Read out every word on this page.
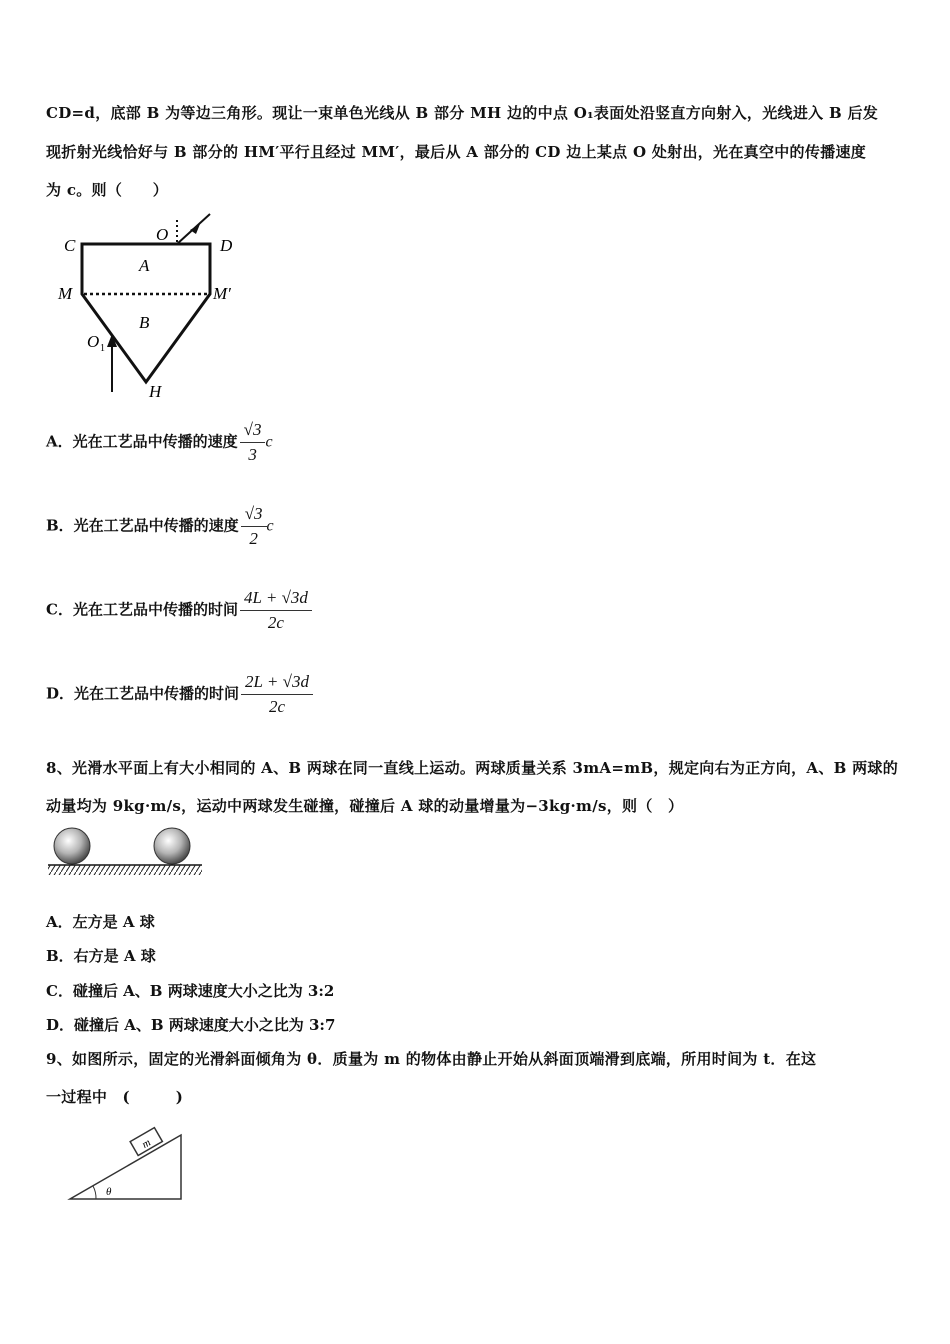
CD=d，底部 B 为等边三角形。现让一束单色光线从 B 部分 MH 边的中点 O₁表面处沿竖直方向射入，光线进入 B 后发
现折射光线恰好与 B 部分的 HM′平行且经过 MM′，最后从 A 部分的 CD 边上某点 O 处射出，光在真空中的传播速度
为 c。则（　　）
C	D
O
A
M	M′
B
O 1
H
A．光在工艺品中传播的速度 $\frac{√3}{3}$ c
B．光在工艺品中传播的速度 $\frac{√3}{2}$ c
C．光在工艺品中传播的时间 $\frac{4L + √3d}{2c}$
D．光在工艺品中传播的时间 $\frac{2L + √3d}{2c}$
8、光滑水平面上有大小相同的 A、B 两球在同一直线上运动。两球质量关系 3mA=mB，规定向右为正方向，A、B 两球的
动量均为 9kg·m/s，运动中两球发生碰撞，碰撞后 A 球的动量增量为−3kg·m/s，则（　）
A．左方是 A 球
B．右方是 A 球
C．碰撞后 A、B 两球速度大小之比为 3:2
D．碰撞后 A、B 两球速度大小之比为 3:7
9、如图所示，固定的光滑斜面倾角为 θ．质量为 m 的物体由静止开始从斜面顶端滑到底端，所用时间为 t．在这
一过程中　(　　　)
m
θ
